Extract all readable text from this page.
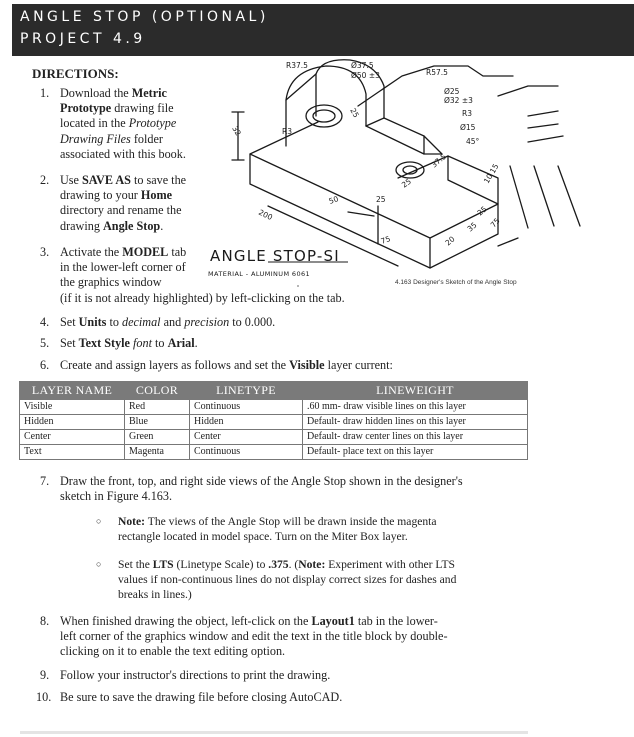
ANGLE STOP (OPTIONAL)
PROJECT 4.9
DIRECTIONS:
1. Download the Metric
Prototype drawing file
located in the Prototype
Drawing Files folder
associated with this book.
2. Use SAVE AS to save the
drawing to your Home
directory and rename the
drawing Angle Stop.
3. Activate the MODEL tab
in the lower-left corner of
the graphics window
(if it is not already highlighted) by left-clicking on the tab.
4. Set Units to decimal and precision to 0.000.
5. Set Text Style font to Arial.
6. Create and assign layers as follows and set the Visible layer current:
R37.5	Ø37.5
Ø50 ±3	R57.5
Ø25
Ø32 ±3
R3
Ø15
45°
32	R3
25
37.5
25
50	25
200
75	20
35
10
75
25
15
ANGLE STOP-SI
MATERIAL - ALUMINUM 6061
4.163 Designer's Sketch of the Angle Stop
LAYER NAME	COLOR	LINETYPE	LINEWEIGHT
Visible	Red	Continuous	.60 mm- draw visible lines on this layer
Hidden	Blue	Hidden	Default- draw hidden lines on this layer
Center	Green	Center	Default- draw center lines on this layer
Text	Magenta	Continuous	Default- place text on this layer
7. Draw the front, top, and right side views of the Angle Stop shown in the designer's
sketch in Figure 4.163.
○ Note: The views of the Angle Stop will be drawn inside the magenta
rectangle located in model space. Turn on the Miter Box layer.
○ Set the LTS (Linetype Scale) to .375. (Note: Experiment with other LTS
values if non-continuous lines do not display correct sizes for dashes and
breaks in lines.)
8. When finished drawing the object, left-click on the Layout1 tab in the lower-
left corner of the graphics window and edit the text in the title block by double-
clicking on it to enable the text editing option.
9. Follow your instructor's directions to print the drawing.
10. Be sure to save the drawing file before closing AutoCAD.
